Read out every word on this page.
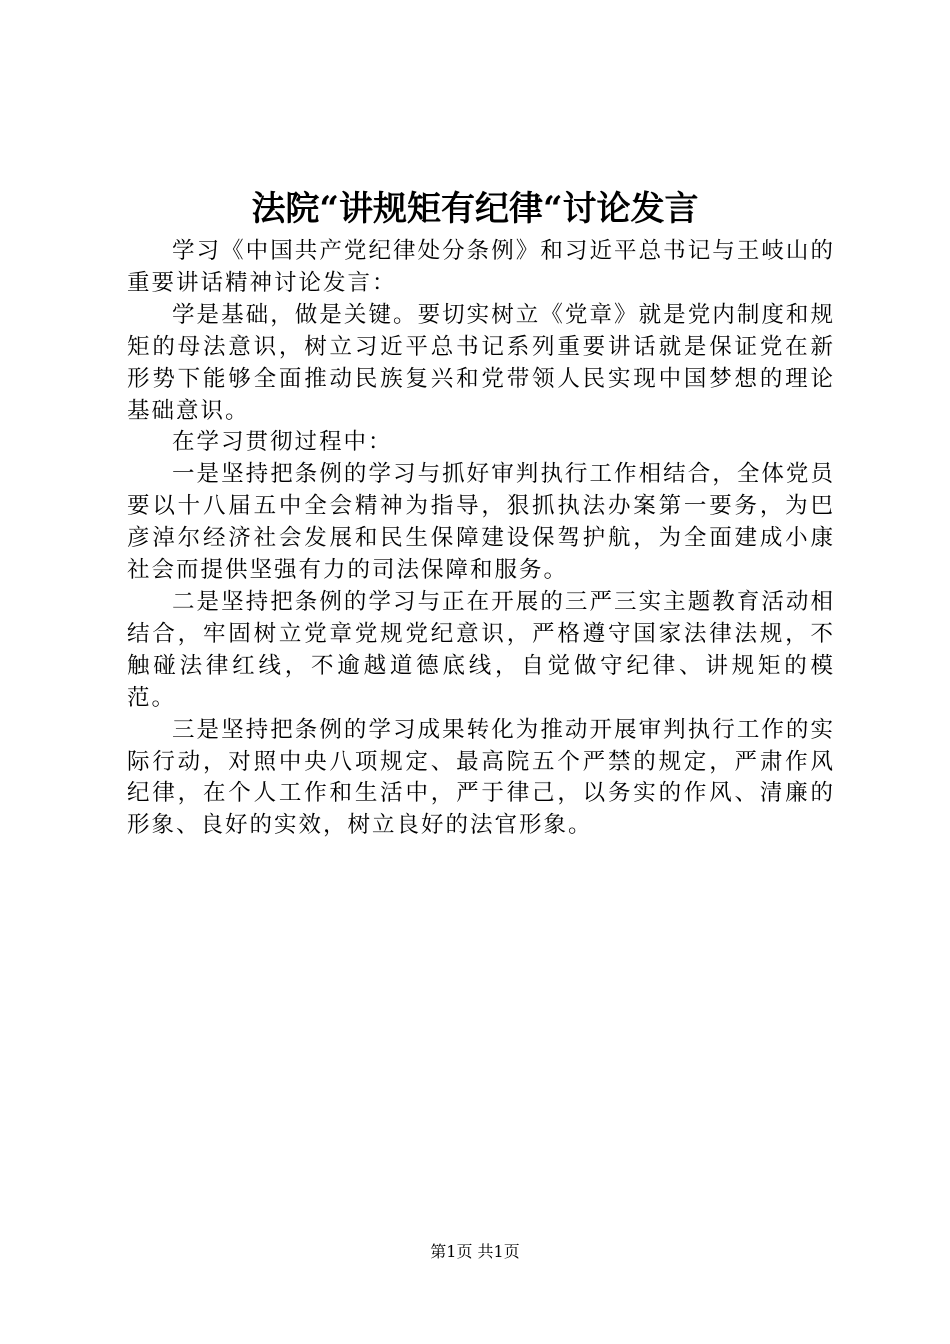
法院“讲规矩有纪律“讨论发言

学习《中国共产党纪律处分条例》和习近平总书记与王岐山的重要讲话精神讨论发言：

学是基础，做是关键。要切实树立《党章》就是党内制度和规矩的母法意识，树立习近平总书记系列重要讲话就是保证党在新形势下能够全面推动民族复兴和党带领人民实现中国梦想的理论基础意识。

在学习贯彻过程中：

一是坚持把条例的学习与抓好审判执行工作相结合，全体党员要以十八届五中全会精神为指导，狠抓执法办案第一要务，为巴彦淖尔经济社会发展和民生保障建设保驾护航，为全面建成小康社会而提供坚强有力的司法保障和服务。

二是坚持把条例的学习与正在开展的三严三实主题教育活动相结合，牢固树立党章党规党纪意识，严格遵守国家法律法规，不触碰法律红线，不逾越道德底线，自觉做守纪律、讲规矩的模范。

三是坚持把条例的学习成果转化为推动开展审判执行工作的实际行动，对照中央八项规定、最高院五个严禁的规定，严肃作风纪律，在个人工作和生活中，严于律己，以务实的作风、清廉的形象、良好的实效，树立良好的法官形象。

第1页 共1页
